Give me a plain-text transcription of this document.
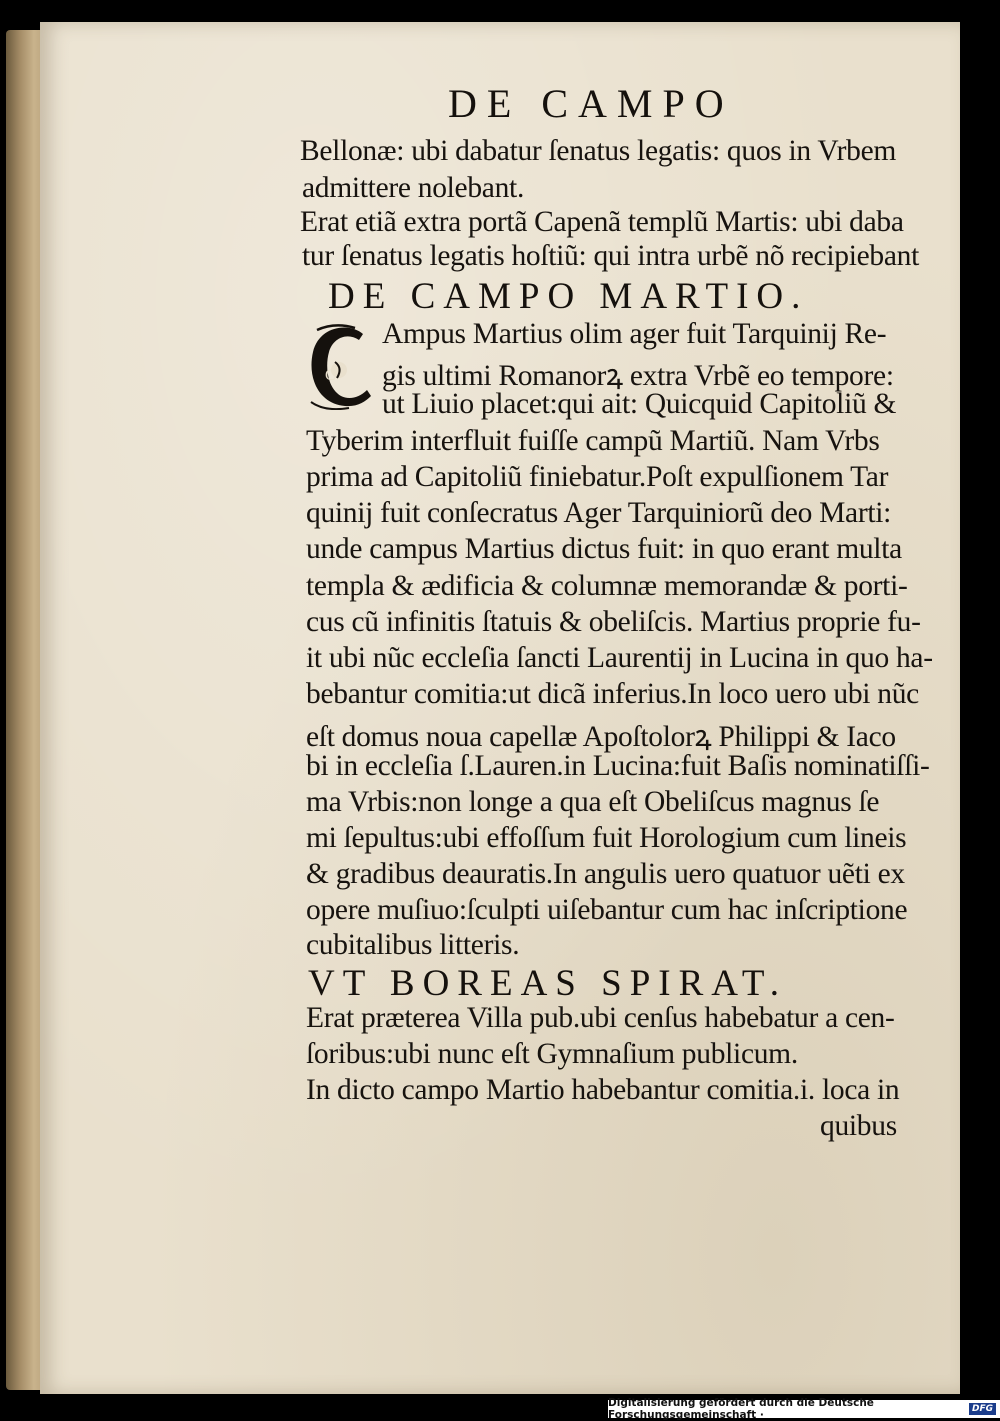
DE CAMPO
Bellonæ: ubi dabatur ſenatus legatis: quos in Vrbem
admittere nolebant.
Erat etiã extra portã Capenã templũ Martis: ubi daba
tur ſenatus legatis hoſtiũ: qui intra urbẽ nõ recipiebant
DE CAMPO MARTIO.
C
Ampus Martius olim ager fuit Tarquinij Re-
gis ultimi Romanorꝝ extra Vrbẽ eo tempore:
ut Liuio placet:qui ait: Quicquid Capitoliũ &
Tyberim interfluit fuiſſe campũ Martiũ. Nam Vrbs
prima ad Capitoliũ finiebatur.Poſt expulſionem Tar
quinij fuit conſecratus Ager Tarquiniorũ deo Marti:
unde campus Martius dictus fuit: in quo erant multa
templa & ædificia & columnæ memorandæ & porti-
cus cũ infinitis ſtatuis & obeliſcis. Martius proprie fu-
it ubi nũc eccleſia ſancti Laurentij in Lucina in quo ha-
bebantur comitia:ut dicã inferius.In loco uero ubi nũc
eſt domus noua capellæ Apoſtolorꝝ Philippi & Iaco
bi in eccleſia ſ.Lauren.in Lucina:fuit Baſis nominatiſſi-
ma Vrbis:non longe a qua eſt Obeliſcus magnus ſe
mi ſepultus:ubi effoſſum fuit Horologium cum lineis
& gradibus deauratis.In angulis uero quatuor uẽti ex
opere muſiuo:ſculpti uiſebantur cum hac inſcriptione
cubitalibus litteris.
VT BOREAS SPIRAT.
Erat præterea Villa pub.ubi cenſus habebatur a cen-
ſoribus:ubi nunc eſt Gymnaſium publicum.
In dicto campo Martio habebantur comitia.i. loca in
quibus
Digitalisierung gefördert durch die Deutsche Forschungsgemeinschaft ·	DFG
